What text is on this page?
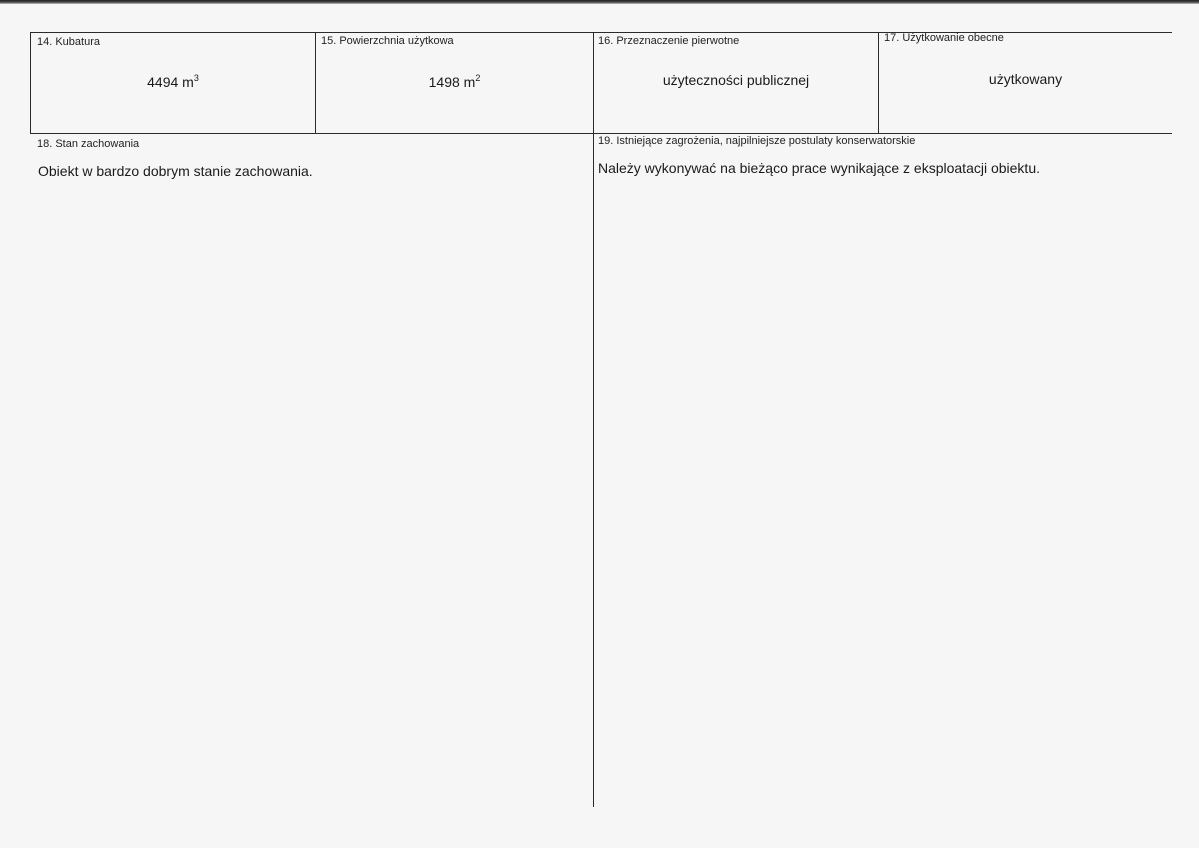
14. Kubatura
4494 $m^3$
15. Powierzchnia użytkowa
1498 $m^2$
16. Przeznaczenie pierwotne
użyteczności publicznej
17. Użytkowanie obecne
użytkowany
18. Stan zachowania
Obiekt w bardzo dobrym stanie zachowania.
19. Istniejące zagrożenia, najpilniejsze postulaty konserwatorskie
Należy wykonywać na bieżąco prace wynikające z eksploatacji obiektu.
